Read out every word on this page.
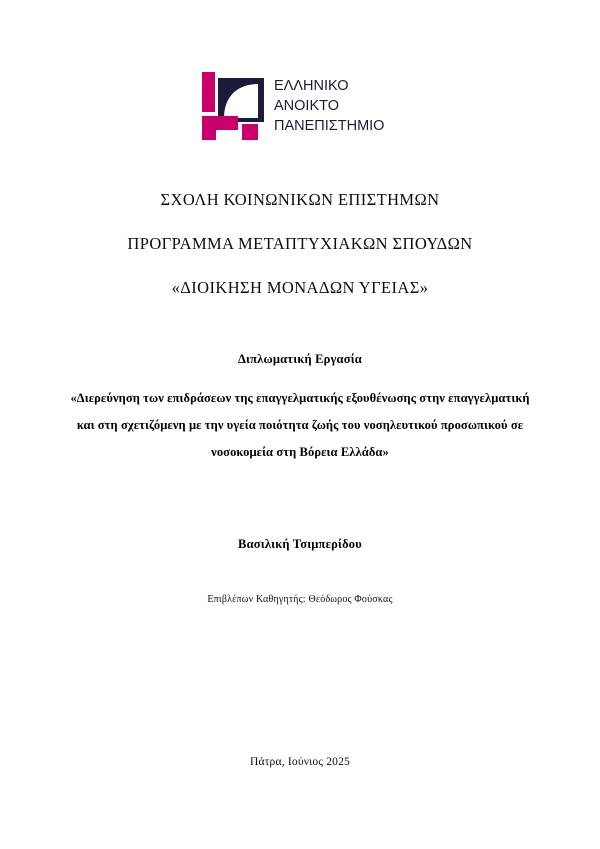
ΕΛΛΗΝΙΚΟ
ΑΝΟΙΚΤΟ
ΠΑΝΕΠΙΣΤΗΜΙΟ
ΣΧΟΛΗ ΚΟΙΝΩΝΙΚΩΝ ΕΠΙΣΤΗΜΩΝ
ΠΡΟΓΡΑΜΜΑ ΜΕΤΑΠΤΥΧΙΑΚΩΝ ΣΠΟΥΔΩΝ
«ΔΙΟΙΚΗΣΗ ΜΟΝΑΔΩΝ ΥΓΕΙΑΣ»
Διπλωματική Εργασία
«Διερεύνηση των επιδράσεων της επαγγελματικής εξουθένωσης στην επαγγελματική και στη σχετιζόμενη με την υγεία ποιότητα ζωής του νοσηλευτικού προσωπικού σε νοσοκομεία στη Βόρεια Ελλάδα»
Βασιλική Τσιμπερίδου
Επιβλέπων Καθηγητής: Θεόδωρος Φούσκας
Πάτρα, Ιούνιος 2025
